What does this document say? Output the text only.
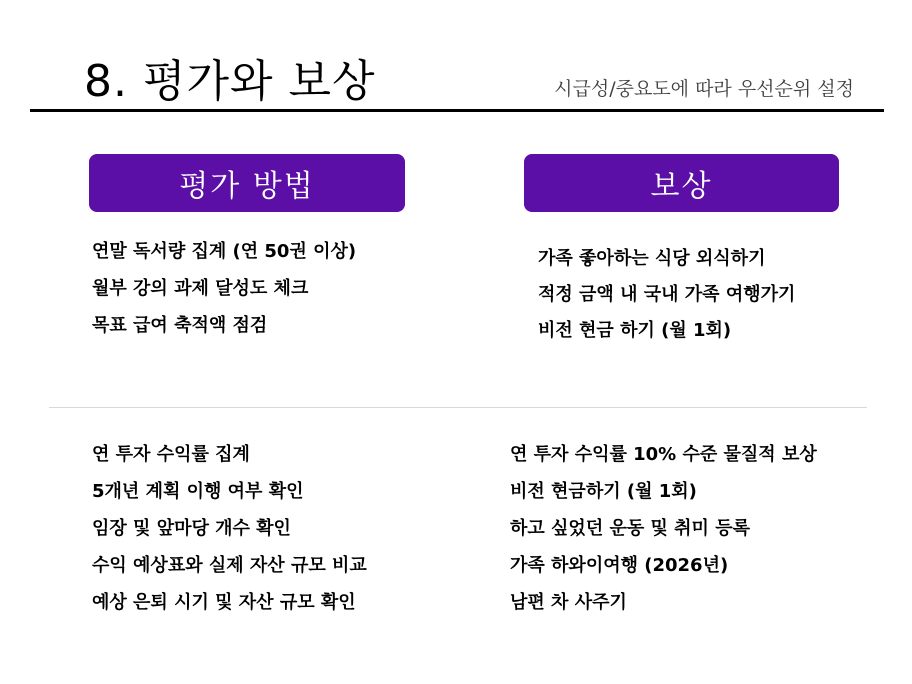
8. 평가와 보상	시급성/중요도에 따라 우선순위 설정
평가 방법	보상
연말 독서량 집계 (연 50권 이상)
월부 강의 과제 달성도 체크
목표 급여 축적액 점검
가족 좋아하는 식당 외식하기
적정 금액 내 국내 가족 여행가기
비전 현금 하기 (월 1회)
연 투자 수익률 집계
5개년 계획 이행 여부 확인
임장 및 앞마당 개수 확인
수익 예상표와 실제 자산 규모 비교
예상 은퇴 시기 및 자산 규모 확인
연 투자 수익률 10% 수준 물질적 보상
비전 현금하기 (월 1회)
하고 싶었던 운동 및 취미 등록
가족 하와이여행 (2026년)
남편 차 사주기
